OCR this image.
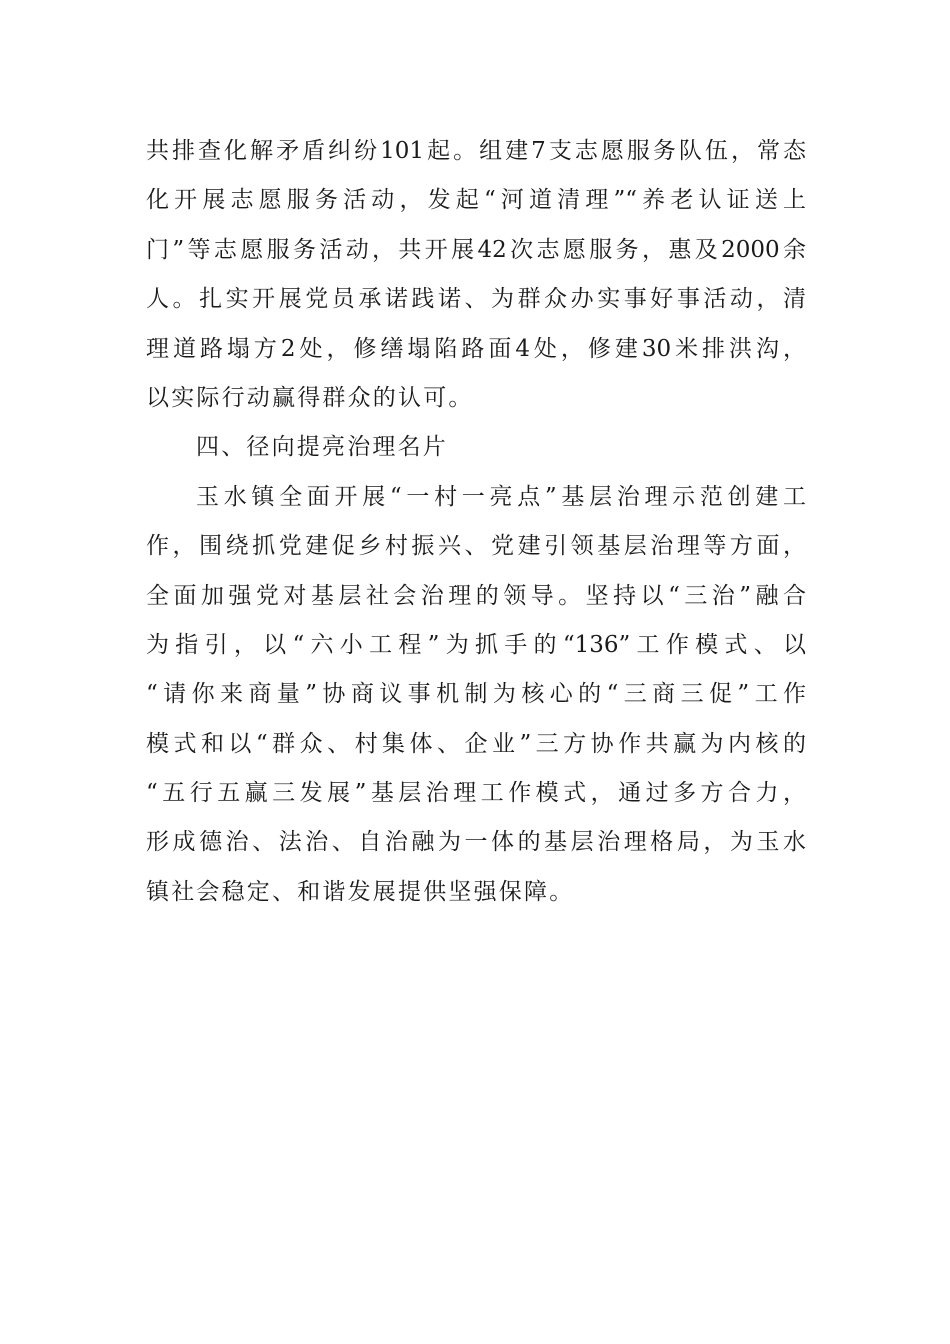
共排查化解矛盾纠纷101起。组建7支志愿服务队伍，常态
化开展志愿服务活动，发起“河道清理”“养老认证送上
门”等志愿服务活动，共开展42次志愿服务，惠及2000余
人。扎实开展党员承诺践诺、为群众办实事好事活动，清
理道路塌方2处，修缮塌陷路面4处，修建30米排洪沟，
以实际行动赢得群众的认可。
四、径向提亮治理名片
玉水镇全面开展“一村一亮点”基层治理示范创建工
作，围绕抓党建促乡村振兴、党建引领基层治理等方面，
全面加强党对基层社会治理的领导。坚持以“三治”融合
为指引，以“六小工程”为抓手的“136”工作模式、以
“请你来商量”协商议事机制为核心的“三商三促”工作
模式和以“群众、村集体、企业”三方协作共赢为内核的
“五行五赢三发展”基层治理工作模式，通过多方合力，
形成德治、法治、自治融为一体的基层治理格局，为玉水
镇社会稳定、和谐发展提供坚强保障。
